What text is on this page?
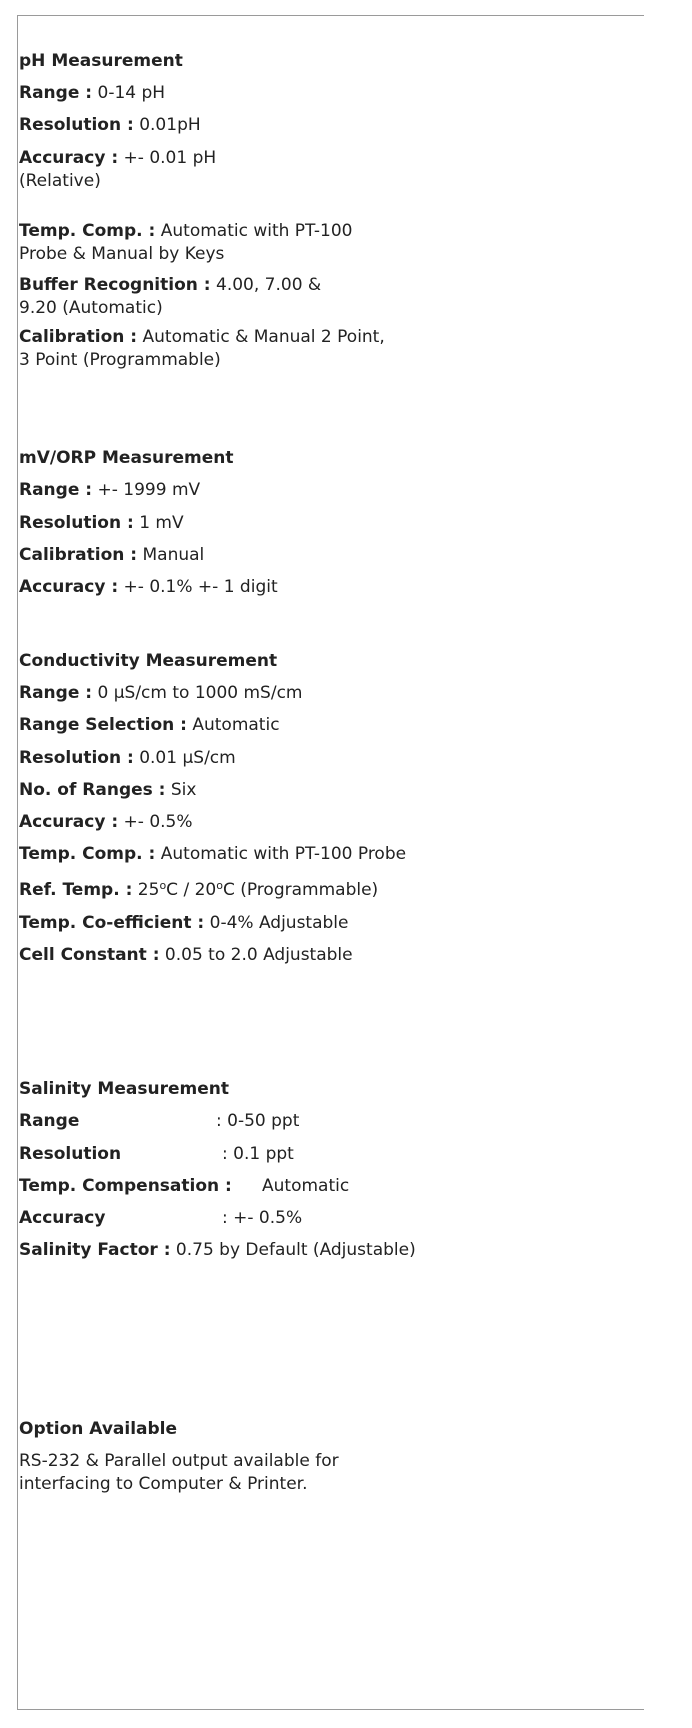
pH Measurement
Range : 0-14 pH
Resolution : 0.01pH
Accuracy : +- 0.01 pH (Relative)
Temp. Comp. : Automatic with PT-100 Probe & Manual by Keys
Buffer Recognition : 4.00, 7.00 & 9.20 (Automatic)
Calibration : Automatic & Manual 2 Point, 3 Point (Programmable)
mV/ORP Measurement
Range : +- 1999 mV
Resolution : 1 mV
Calibration : Manual
Accuracy : +- 0.1% +- 1 digit
Conductivity Measurement
Range : 0 µS/cm to 1000 mS/cm
Range Selection : Automatic
Resolution : 0.01 µS/cm
No. of Ranges : Six
Accuracy : +- 0.5%
Temp. Comp. : Automatic with PT-100 Probe
Ref. Temp. : 25$^o$C / 20$^o$C (Programmable)
Temp. Co-efficient : 0-4% Adjustable
Cell Constant : 0.05 to 2.0 Adjustable
Salinity Measurement
Range	: 0-50 ppt
Resolution	: 0.1 ppt
Temp. Compensation : Automatic
Accuracy	: +- 0.5%
Salinity Factor : 0.75 by Default (Adjustable)
Option Available
RS-232 & Parallel output available for interfacing to Computer & Printer.
